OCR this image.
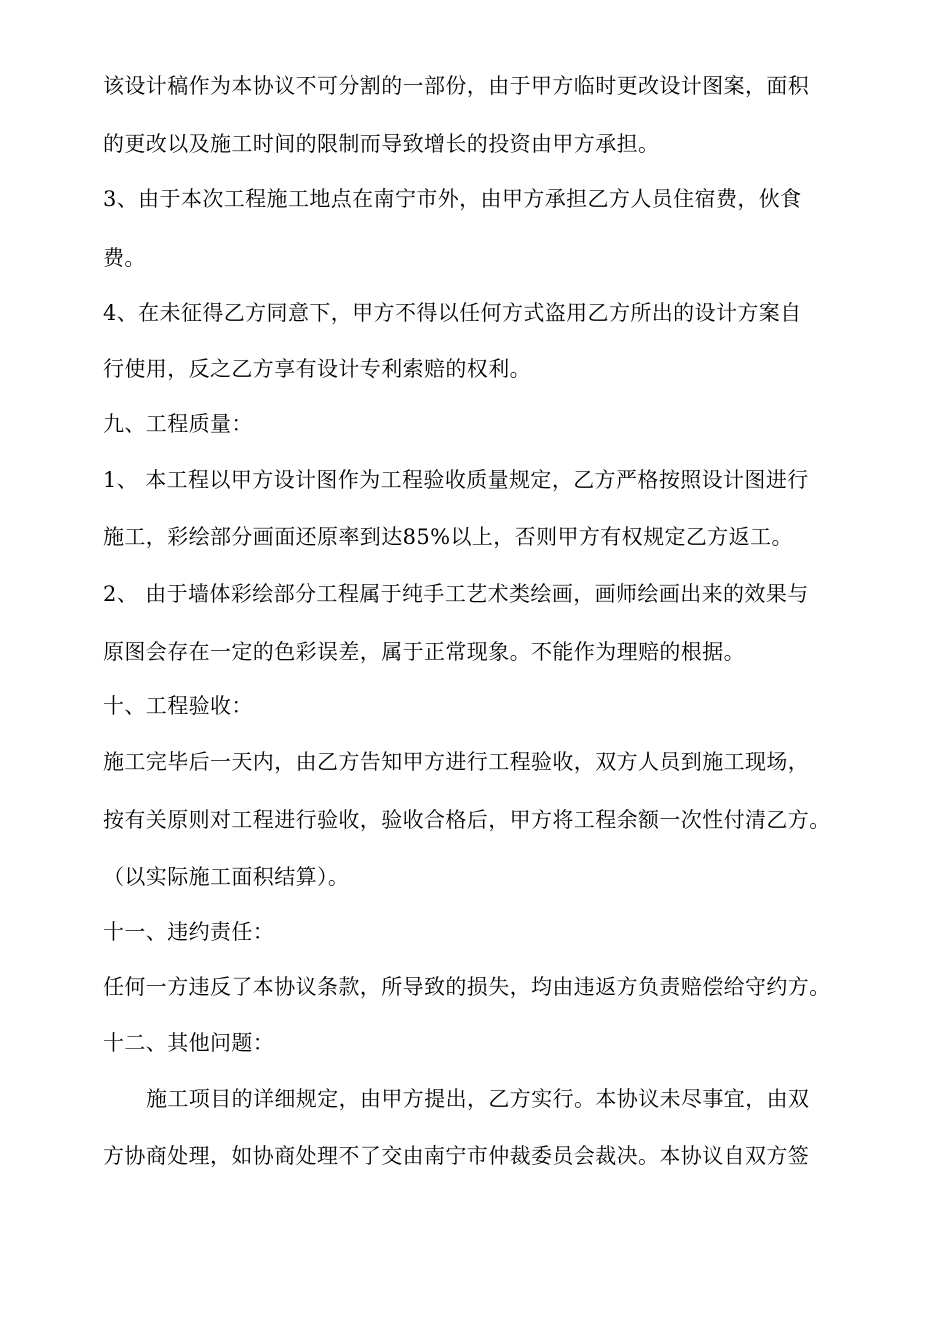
该设计稿作为本协议不可分割的一部份，由于甲方临时更改设计图案，面积
的更改以及施工时间的限制而导致增长的投资由甲方承担。
3、由于本次工程施工地点在南宁市外，由甲方承担乙方人员住宿费，伙食
费。
4、在未征得乙方同意下，甲方不得以任何方式盗用乙方所出的设计方案自
行使用，反之乙方享有设计专利索赔的权利。
九、工程质量：
1、 本工程以甲方设计图作为工程验收质量规定，乙方严格按照设计图进行
施工，彩绘部分画面还原率到达85%以上，否则甲方有权规定乙方返工。
2、 由于墙体彩绘部分工程属于纯手工艺术类绘画，画师绘画出来的效果与
原图会存在一定的色彩误差，属于正常现象。不能作为理赔的根据。
十、工程验收：
施工完毕后一天内，由乙方告知甲方进行工程验收，双方人员到施工现场，
按有关原则对工程进行验收，验收合格后，甲方将工程余额一次性付清乙方。
（以实际施工面积结算）。
十一、违约责任：
任何一方违反了本协议条款，所导致的损失，均由违返方负责赔偿给守约方。
十二、其他问题：
施工项目的详细规定，由甲方提出，乙方实行。本协议未尽事宜，由双
方协商处理，如协商处理不了交由南宁市仲裁委员会裁决。本协议自双方签
